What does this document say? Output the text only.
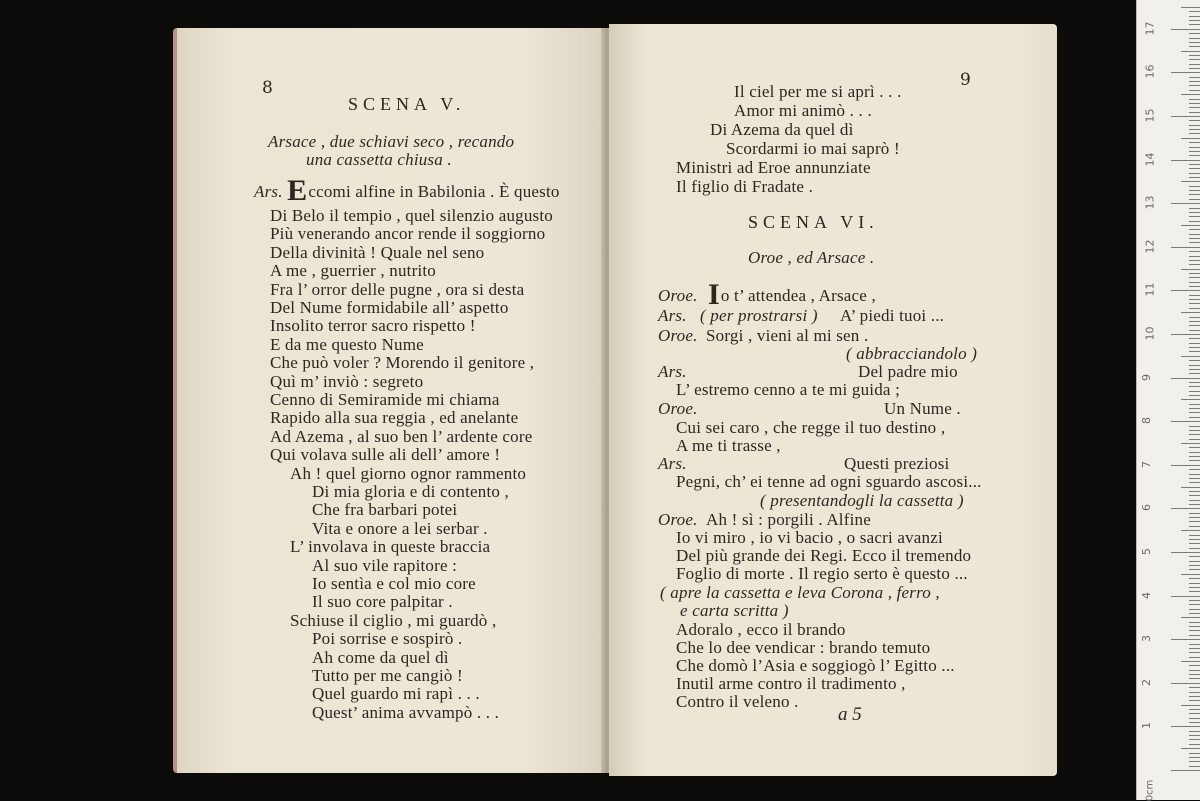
8
SCENA V.
Arsace , due schiavi seco , recando
una cassetta chiusa .
Ars. Eccomi alfine in Babilonia . È questo
Di Belo il tempio , quel silenzio augusto
Più venerando ancor rende il soggiorno
Della divinità ! Quale nel seno
A me , guerrier , nutrito
Fra l’ orror delle pugne , ora si desta
Del Nume formidabile all’ aspetto
Insolito terror sacro rispetto !
E da me questo Nume
Che può voler ? Morendo il genitore ,
Quì m’ inviò : segreto
Cenno di Semiramide mi chiama
Rapido alla sua reggia , ed anelante
Ad Azema , al suo ben l’ ardente core
Qui volava sulle ali dell’ amore !
Ah ! quel giorno ognor rammento
Di mia gloria e di contento ,
Che fra barbari potei
Vita e onore a lei serbar .
L’ involava in queste braccia
Al suo vile rapitore :
Io sentìa e col mio core
Il suo core palpitar .
Schiuse il ciglio , mi guardò ,
Poi sorrise e sospirò .
Ah come da quel dì
Tutto per me cangiò !
Quel guardo mi rapì . . .
Quest’ anima avvampò . . .
9
Il ciel per me si aprì . . .
Amor mi animò . . .
Di Azema da quel dì
Scordarmi io mai saprò !
Ministri ad Eroe annunziate
Il figlio di Fradate .
SCENA VI.
Oroe , ed Arsace .
Oroe. Io t’ attendea , Arsace ,
Ars. ( per prostrarsi ) A’ piedi tuoi ...
Oroe. Sorgi , vieni al mi sen .
( abbracciandolo )
Ars.	Del padre mio
L’ estremo cenno a te mi guida ;
Oroe.	Un Nume .
Cui sei caro , che regge il tuo destino ,
A me ti trasse ,
Ars.	Questi preziosi
Pegni, ch’ ei tenne ad ogni sguardo ascosi...
( presentandogli la cassetta )
Oroe. Ah ! sì : porgili . Alfine
Io vi miro , io vi bacio , o sacri avanzi
Del più grande dei Regi. Ecco il tremendo
Foglio di morte . Il regio serto è questo ...
( apre la cassetta e leva Corona , ferro ,
e carta scritta )
Adoralo , ecco il brando
Che lo dee vendicar : brando temuto
Che domò l’Asia e soggiogò l’ Egitto ...
Inutil arme contro il tradimento ,
Contro il veleno .
a 5
0cm
1
2
3
4
5
6
7
8
9
10
11
12
13
14
15
16
17
